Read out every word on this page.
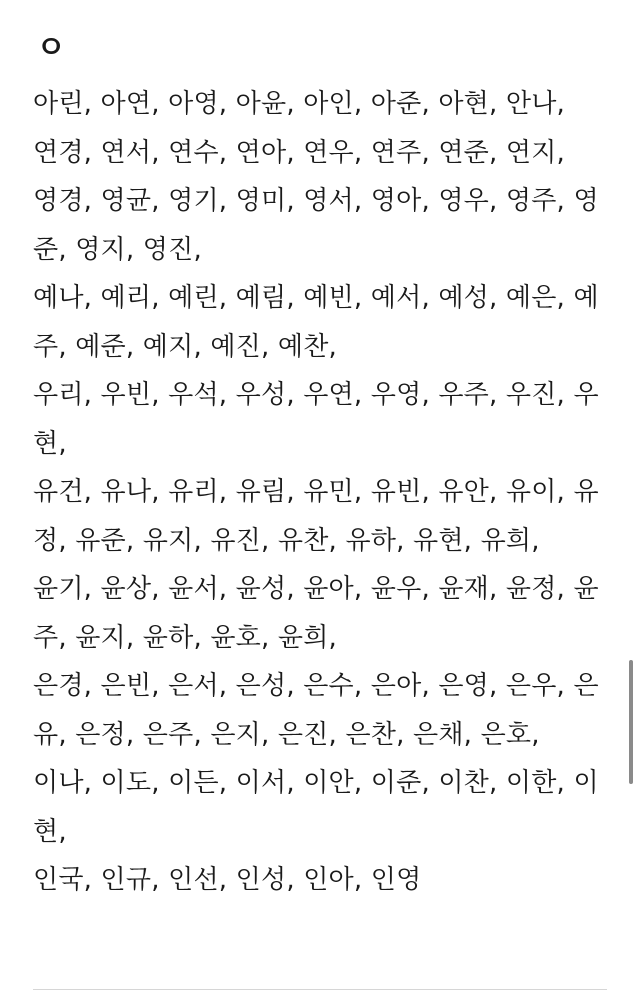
ㅇ

아린, 아연, 아영, 아윤, 아인, 아준, 아현, 안나,

연경, 연서, 연수, 연아, 연우, 연주, 연준, 연지,

영경, 영균, 영기, 영미, 영서, 영아, 영우, 영주, 영
준, 영지, 영진,

예나, 예리, 예린, 예림, 예빈, 예서, 예성, 예은, 예
주, 예준, 예지, 예진, 예찬,

우리, 우빈, 우석, 우성, 우연, 우영, 우주, 우진, 우
현,

유건, 유나, 유리, 유림, 유민, 유빈, 유안, 유이, 유
정, 유준, 유지, 유진, 유찬, 유하, 유현, 유희,

윤기, 윤상, 윤서, 윤성, 윤아, 윤우, 윤재, 윤정, 윤
주, 윤지, 윤하, 윤호, 윤희,

은경, 은빈, 은서, 은성, 은수, 은아, 은영, 은우, 은
유, 은정, 은주, 은지, 은진, 은찬, 은채, 은호,

이나, 이도, 이든, 이서, 이안, 이준, 이찬, 이한, 이
현,

인국, 인규, 인선, 인성, 인아, 인영
